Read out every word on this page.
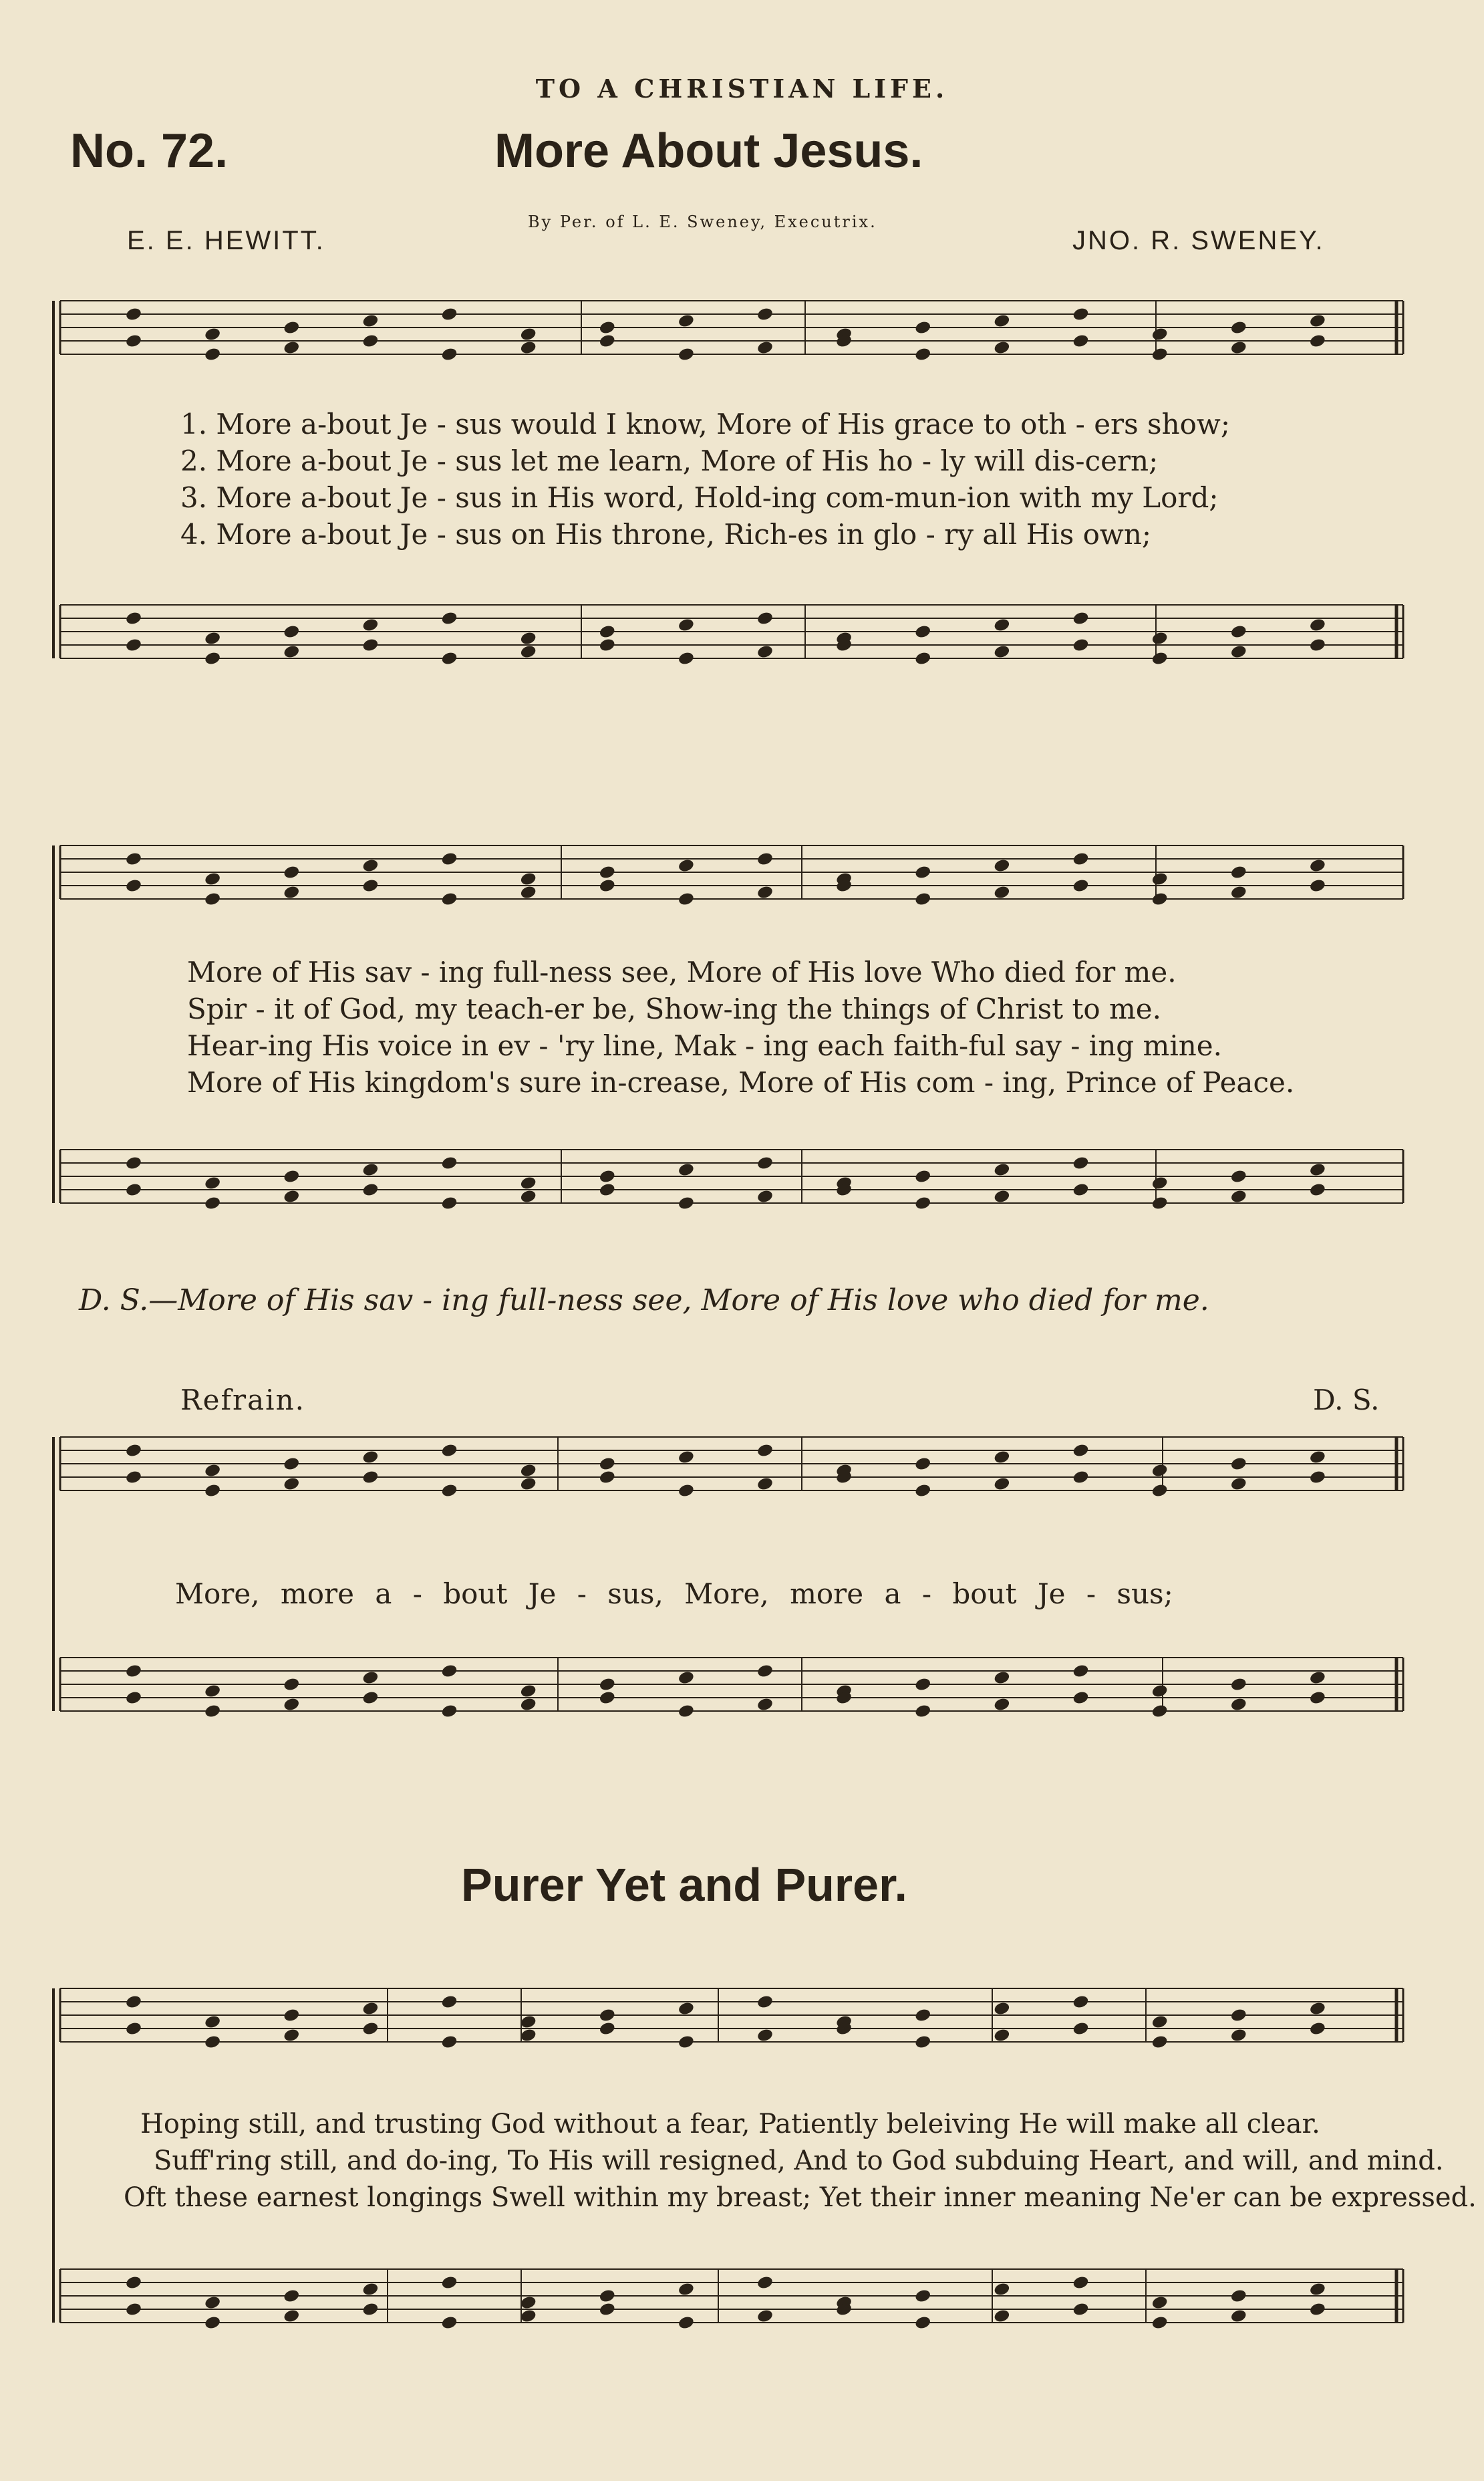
TO A CHRISTIAN LIFE.
No. 72.	More About Jesus.
By Per. of L. E. Sweney, Executrix.
E. E. HEWITT.	JNO. R. SWENEY.
1. More a-bout Je - sus would I know, More of His grace to oth - ers show;
2. More a-bout Je - sus let me learn, More of His ho - ly will dis-cern;
3. More a-bout Je - sus in His word, Hold-ing com-mun-ion with my Lord;
4. More a-bout Je - sus on His throne, Rich-es in glo - ry all His own;
More of His sav - ing full-ness see, More of His love Who died for me.
Spir - it of God, my teach-er be, Show-ing the things of Christ to me.
Hear-ing His voice in ev - 'ry line, Mak - ing each faith-ful say - ing mine.
More of His kingdom's sure in-crease, More of His com - ing, Prince of Peace.
D. S.—More of His sav - ing full-ness see, More of His love who died for me.
Refrain.	D. S.
More, more a - bout Je - sus, More, more a - bout Je - sus;
Purer Yet and Purer.
Hoping still, and trusting God without a fear, Patiently beleiving He will make all clear.
Suff'ring still, and do-ing, To His will resigned, And to God subduing Heart, and will, and mind.
Oft these earnest longings Swell within my breast; Yet their inner meaning Ne'er can be expressed.
